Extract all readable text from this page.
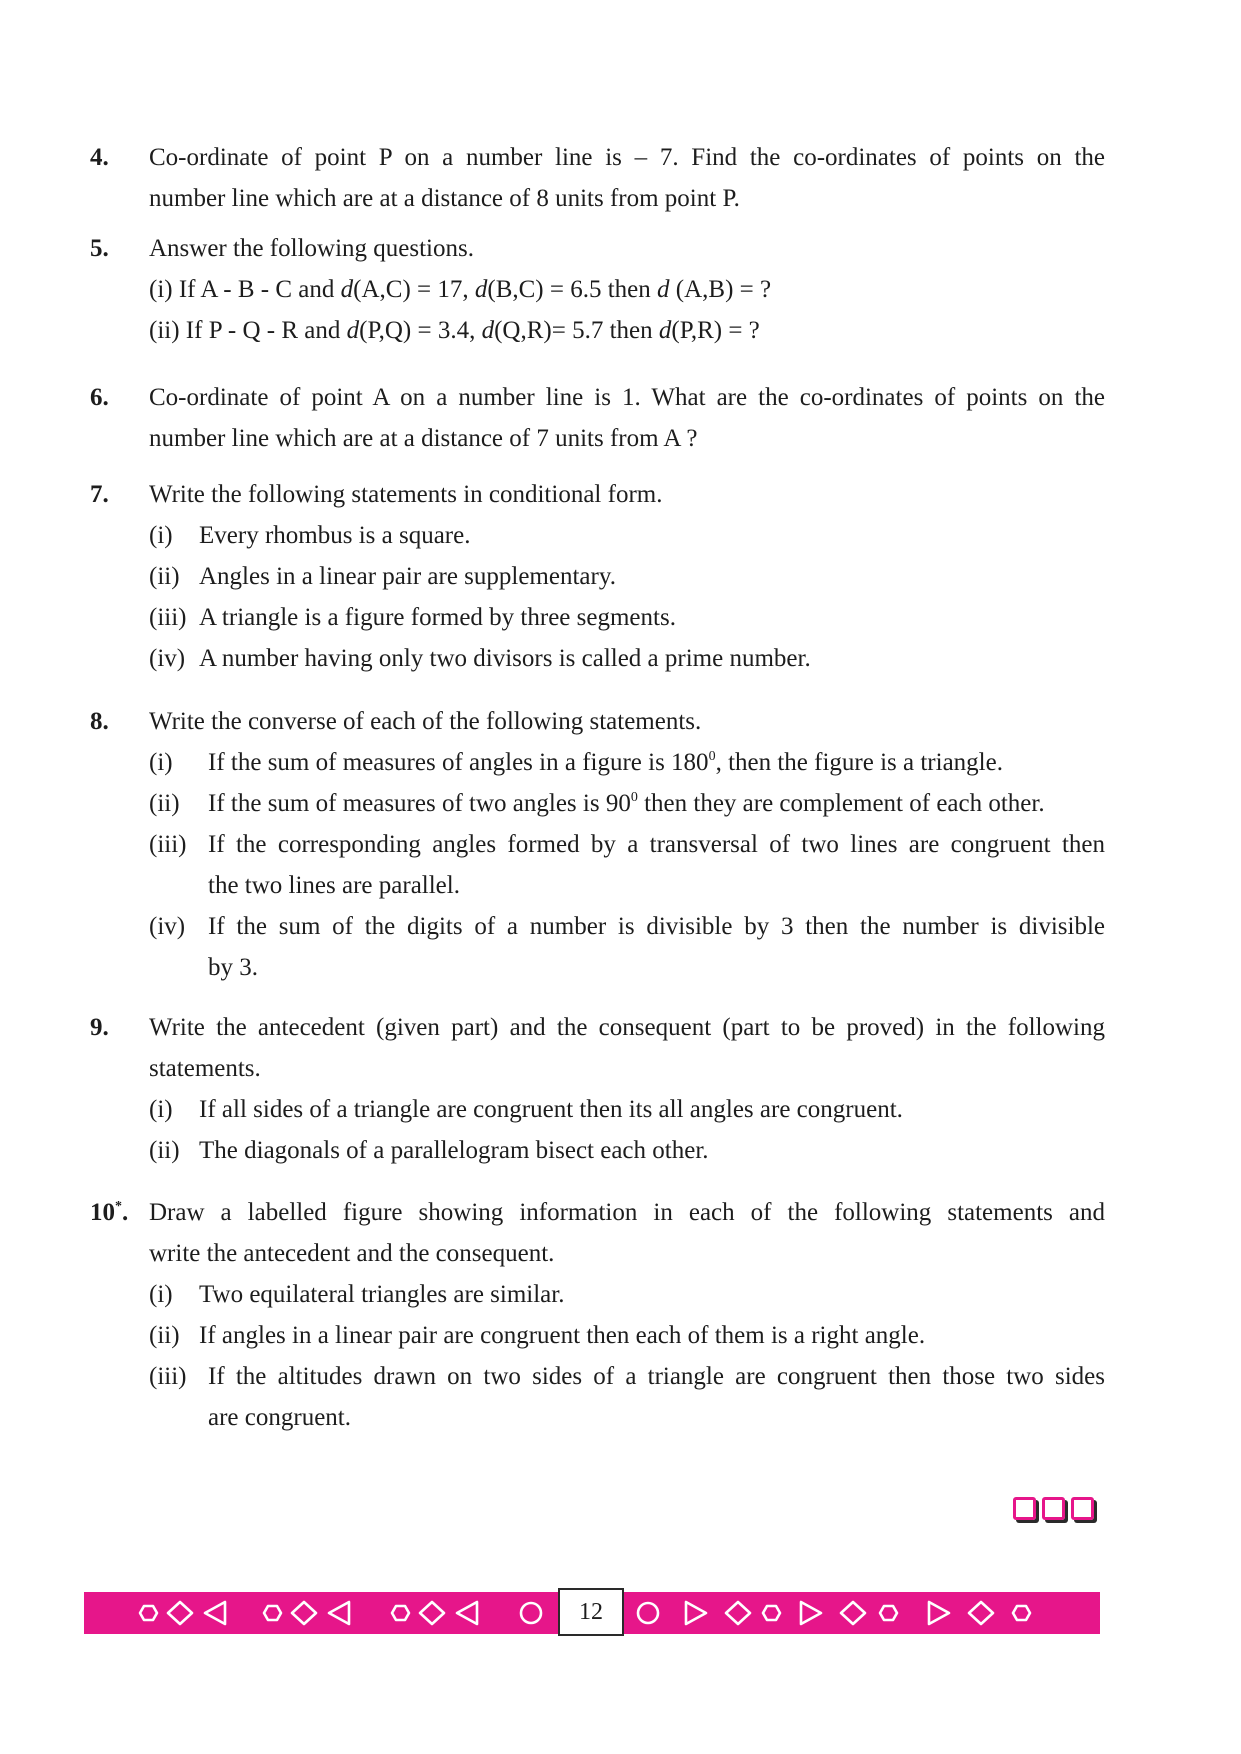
4. Co-ordinate of point P on a number line is – 7. Find the co-ordinates of points on the
number line which are at a distance of 8 units from point P.
5. Answer the following questions.
(i) If A - B - C and d(A,C) = 17, d(B,C) = 6.5 then d (A,B) = ?
(ii) If P - Q - R and d(P,Q) = 3.4, d(Q,R)= 5.7 then d(P,R) = ?
6. Co-ordinate of point A on a number line is 1. What are the co-ordinates of points on the
number line which are at a distance of 7 units from A ?
7. Write the following statements in conditional form.
(i)	Every rhombus is a square.
(ii) Angles in a linear pair are supplementary.
(iii) A triangle is a figure formed by three segments.
(iv) A number having only two divisors is called a prime number.
8. Write the converse of each of the following statements.
(i)	If the sum of measures of angles in a figure is $180^0$, then the figure is a triangle.
(ii)	If the sum of measures of two angles is $90^0$ then they are complement of each other.
(iii) If the corresponding angles formed by a transversal of two lines are congruent then
the two lines are parallel.
(iv) If the sum of the digits of a number is divisible by 3 then the number is divisible
by 3.
9. Write the antecedent (given part) and the consequent (part to be proved) in the following
statements.
(i)	If all sides of a triangle are congruent then its all angles are congruent.
(ii) The diagonals of a parallelogram bisect each other.
10*. Draw a labelled figure showing information in each of the following statements and
write the antecedent and the consequent.
(i)	Two equilateral triangles are similar.
(ii) If angles in a linear pair are congruent then each of them is a right angle.
(iii) If the altitudes drawn on two sides of a triangle are congruent then those two sides
are congruent.
12
